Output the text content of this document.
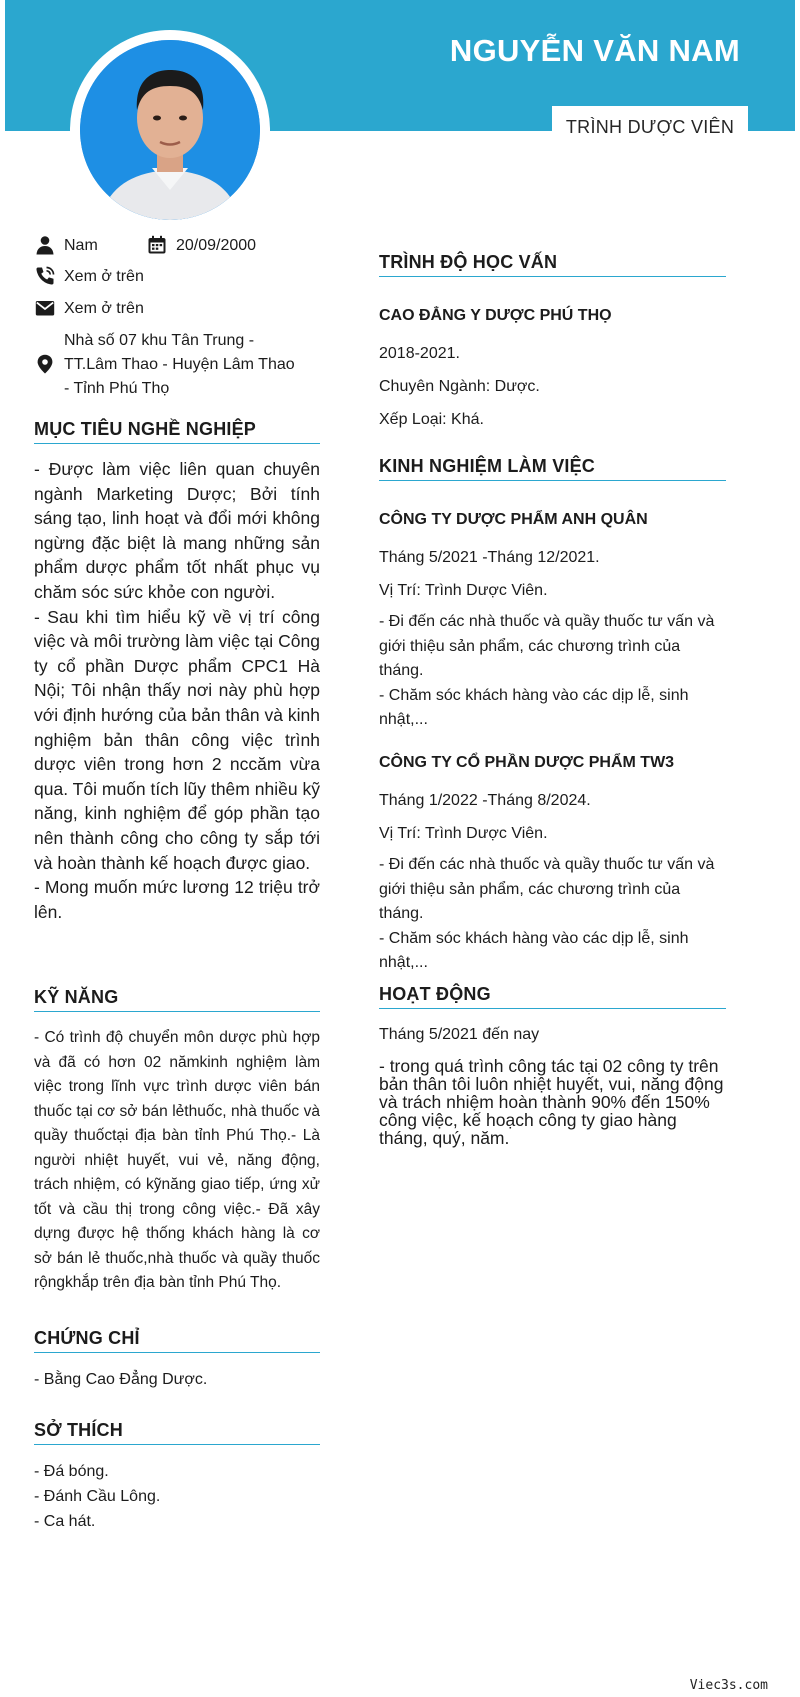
NGUYỄN VĂN NAM
TRÌNH DƯỢC VIÊN
Nam	20/09/2000
Xem ở trên
Xem ở trên
Nhà số 07 khu Tân Trung -
TT.Lâm Thao - Huyện Lâm Thao
- Tỉnh Phú Thọ
MỤC TIÊU NGHỀ NGHIỆP
- Được làm việc liên quan chuyên ngành Marketing Dược; Bởi tính sáng tạo, linh hoạt và đổi mới không ngừng đặc biệt là mang những sản phẩm dược phẩm tốt nhất phục vụ chăm sóc sức khỏe con người.
- Sau khi tìm hiểu kỹ về vị trí công việc và môi trường làm việc tại Công ty cổ phần Dược phẩm CPC1 Hà Nội; Tôi nhận thấy nơi này phù hợp với định hướng của bản thân và kinh nghiệm bản thân công việc trình dược viên trong hơn 2 nccăm vừa qua. Tôi muốn tích lũy thêm nhiều kỹ năng, kinh nghiệm để góp phần tạo nên thành công cho công ty sắp tới và hoàn thành kế hoạch được giao.
- Mong muốn mức lương 12 triệu trở lên.
KỸ NĂNG
- Có trình độ chuyển môn dược phù hợp và đã có hơn 02 nămkinh nghiệm làm việc trong lĩnh vực trình dược viên bán thuốc tại cơ sở bán lẻthuốc, nhà thuốc và quầy thuốctại địa bàn tỉnh Phú Thọ.- Là người nhiệt huyết, vui vẻ, năng động, trách nhiệm, có kỹnăng giao tiếp, ứng xử tốt và cầu thị trong công việc.- Đã xây dựng được hệ thống khách hàng là cơ sở bán lẻ thuốc,nhà thuốc và quầy thuốc rộngkhắp trên địa bàn tỉnh Phú Thọ.
CHỨNG CHỈ
- Bằng Cao Đẳng Dược.
SỞ THÍCH
- Đá bóng.
- Đánh Cầu Lông.
- Ca hát.
TRÌNH ĐỘ HỌC VẤN
CAO ĐẲNG Y DƯỢC PHÚ THỌ
2018-2021.
Chuyên Ngành: Dược.
Xếp Loại: Khá.
KINH NGHIỆM LÀM VIỆC
CÔNG TY DƯỢC PHẨM ANH QUÂN
Tháng 5/2021 -Tháng 12/2021.
Vị Trí: Trình Dược Viên.
- Đi đến các nhà thuốc và quầy thuốc tư vấn và giới thiệu sản phẩm, các chương trình của tháng.
- Chăm sóc khách hàng vào các dịp lễ, sinh nhật,...
CÔNG TY CỔ PHẦN DƯỢC PHẨM TW3
Tháng 1/2022 -Tháng 8/2024.
Vị Trí: Trình Dược Viên.
- Đi đến các nhà thuốc và quầy thuốc tư vấn và giới thiệu sản phẩm, các chương trình của tháng.
- Chăm sóc khách hàng vào các dịp lễ, sinh nhật,...
HOẠT ĐỘNG
Tháng 5/2021 đến nay
- trong quá trình công tác tại 02 công ty trên bản thân tôi luôn nhiệt huyết, vui, năng động và trách nhiệm hoàn thành 90% đến 150% công việc, kế hoạch công ty giao hàng tháng, quý, năm.
Viec3s.com
